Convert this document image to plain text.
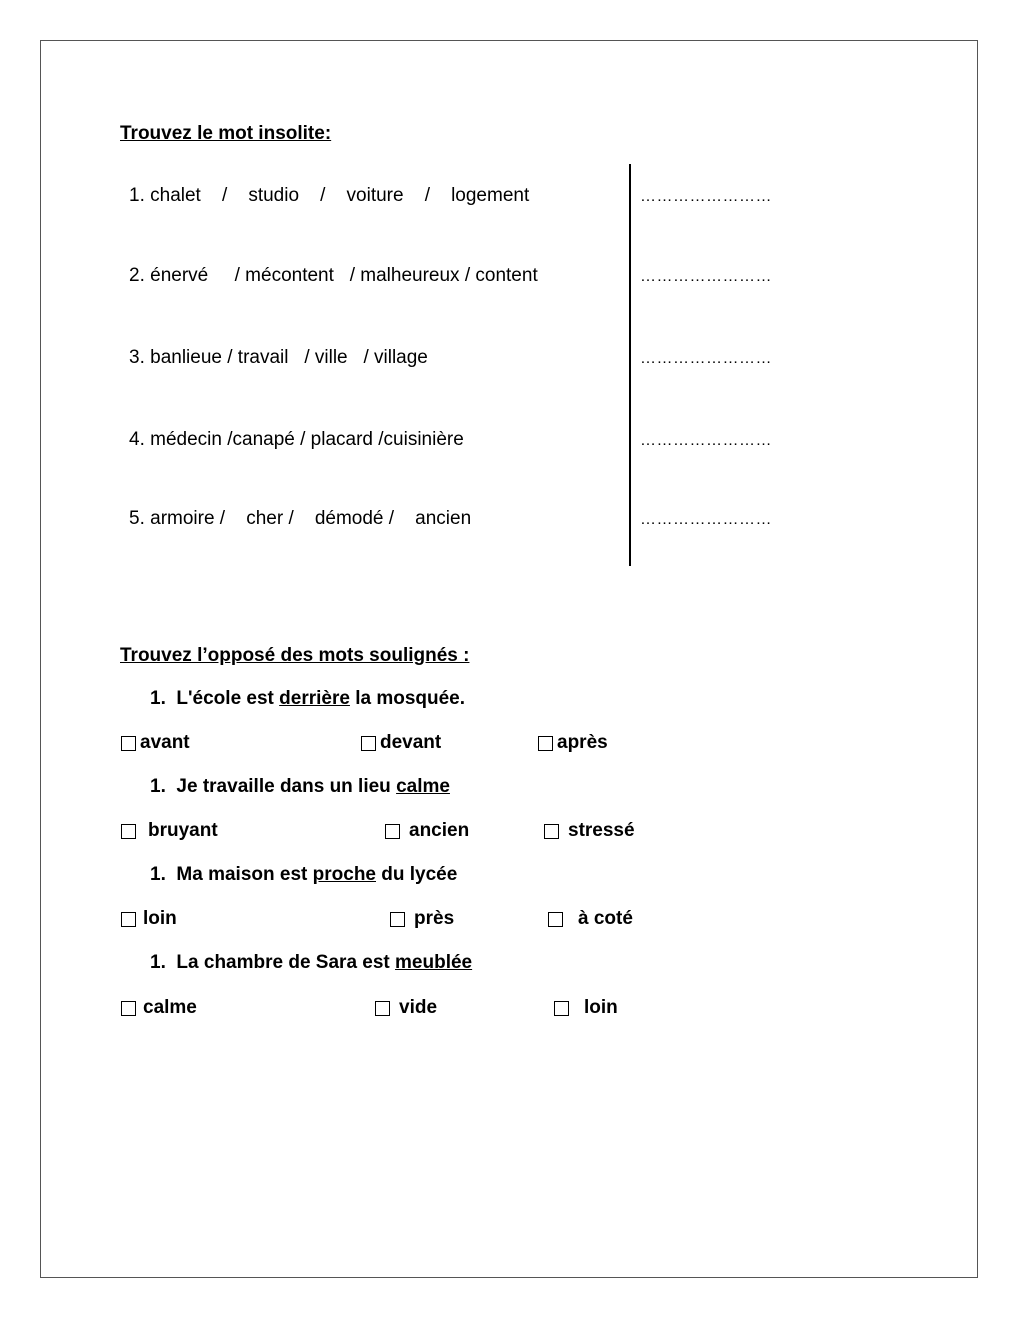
Trouvez le mot insolite:
1. chalet    /    studio    /    voiture    /    logement	……………………
2. énervé     / mécontent   / malheureux / content	……………………
3. banlieue / travail   / ville   / village	……………………
4. médecin /canapé / placard /cuisinière	……………………
5. armoire /    cher /    démodé /    ancien	……………………
Trouvez l’opposé des mots soulignés :
1. L'école est derrière la mosquée.
avant	devant	après
1. Je travaille dans un lieu calme
bruyant	ancien	stressé
1. Ma maison est proche du lycée
loin	près	à coté
1. La chambre de Sara est meublée
calme	vide	loin
